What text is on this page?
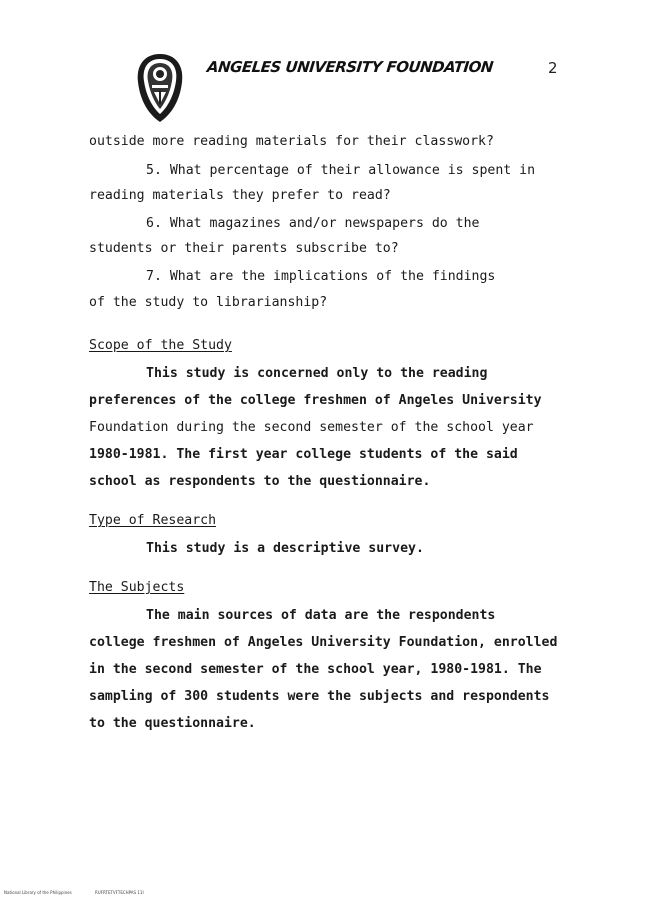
ANGELES UNIVERSITY FOUNDATION	2
outside more reading materials for their classwork?
5. What percentage of their allowance is spent in
reading materials they prefer to read?
6. What magazines and/or newspapers do the
students or their parents subscribe to?
7. What are the implications of the findings
of the study to librarianship?
Scope of the Study
This study is concerned only to the reading
preferences of the college freshmen of Angeles University
Foundation during the second semester of the school year
1980-1981. The first year college students of the said
school as respondents to the questionnaire.
Type of Research
This study is a descriptive survey.
The Subjects
The main sources of data are the respondents
college freshmen of Angeles University Foundation, enrolled
in the second semester of the school year, 1980-1981. The
sampling of 300 students were the subjects and respondents
to the questionnaire.
National Library of the Philippines	RUFRTETVFTECHPAS 11I
